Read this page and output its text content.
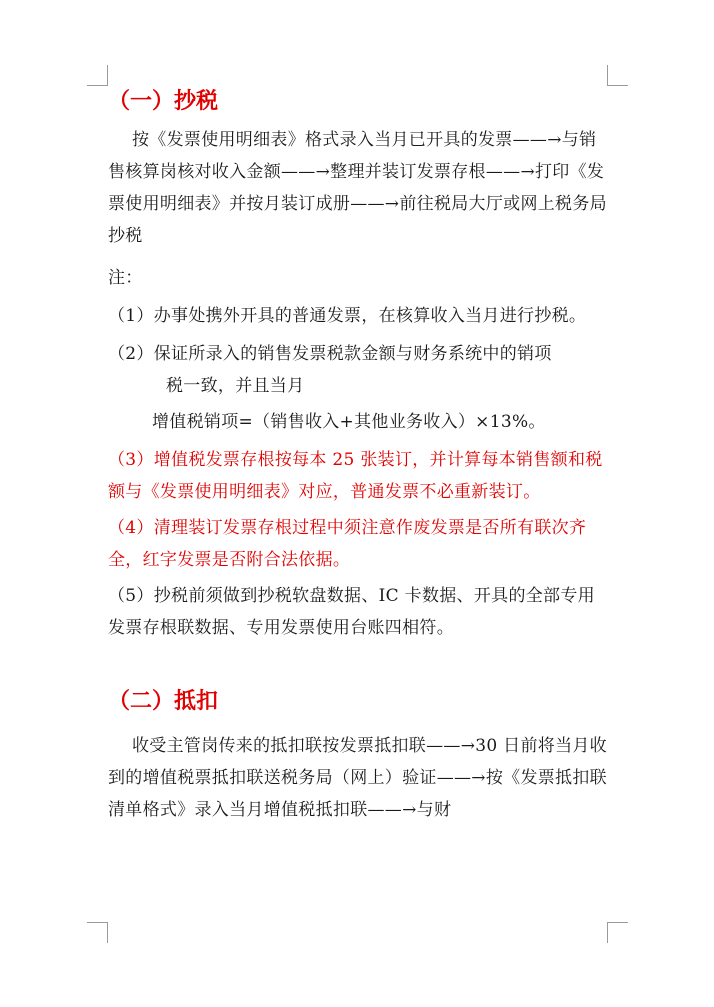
（一）抄税

按《发票使用明细表》格式录入当月已开具的发票——→与销售核算岗核对收入金额——→整理并装订发票存根——→打印《发票使用明细表》并按月装订成册——→前往税局大厅或网上税务局抄税

注：

（1）办事处携外开具的普通发票，在核算收入当月进行抄税。

（2）保证所录入的销售发票税款金额与财务系统中的销项

税一致，并且当月

增值税销项=（销售收入+其他业务收入）×13%。

（3）增值税发票存根按每本 25 张装订，并计算每本销售额和税额与《发票使用明细表》对应，普通发票不必重新装订。

（4）清理装订发票存根过程中须注意作废发票是否所有联次齐全，红字发票是否附合法依据。

（5）抄税前须做到抄税软盘数据、IC 卡数据、开具的全部专用发票存根联数据、专用发票使用台账四相符。

（二）抵扣

收受主管岗传来的抵扣联按发票抵扣联——→30 日前将当月收到的增值税票抵扣联送税务局（网上）验证——→按《发票抵扣联清单格式》录入当月增值税抵扣联——→与财
